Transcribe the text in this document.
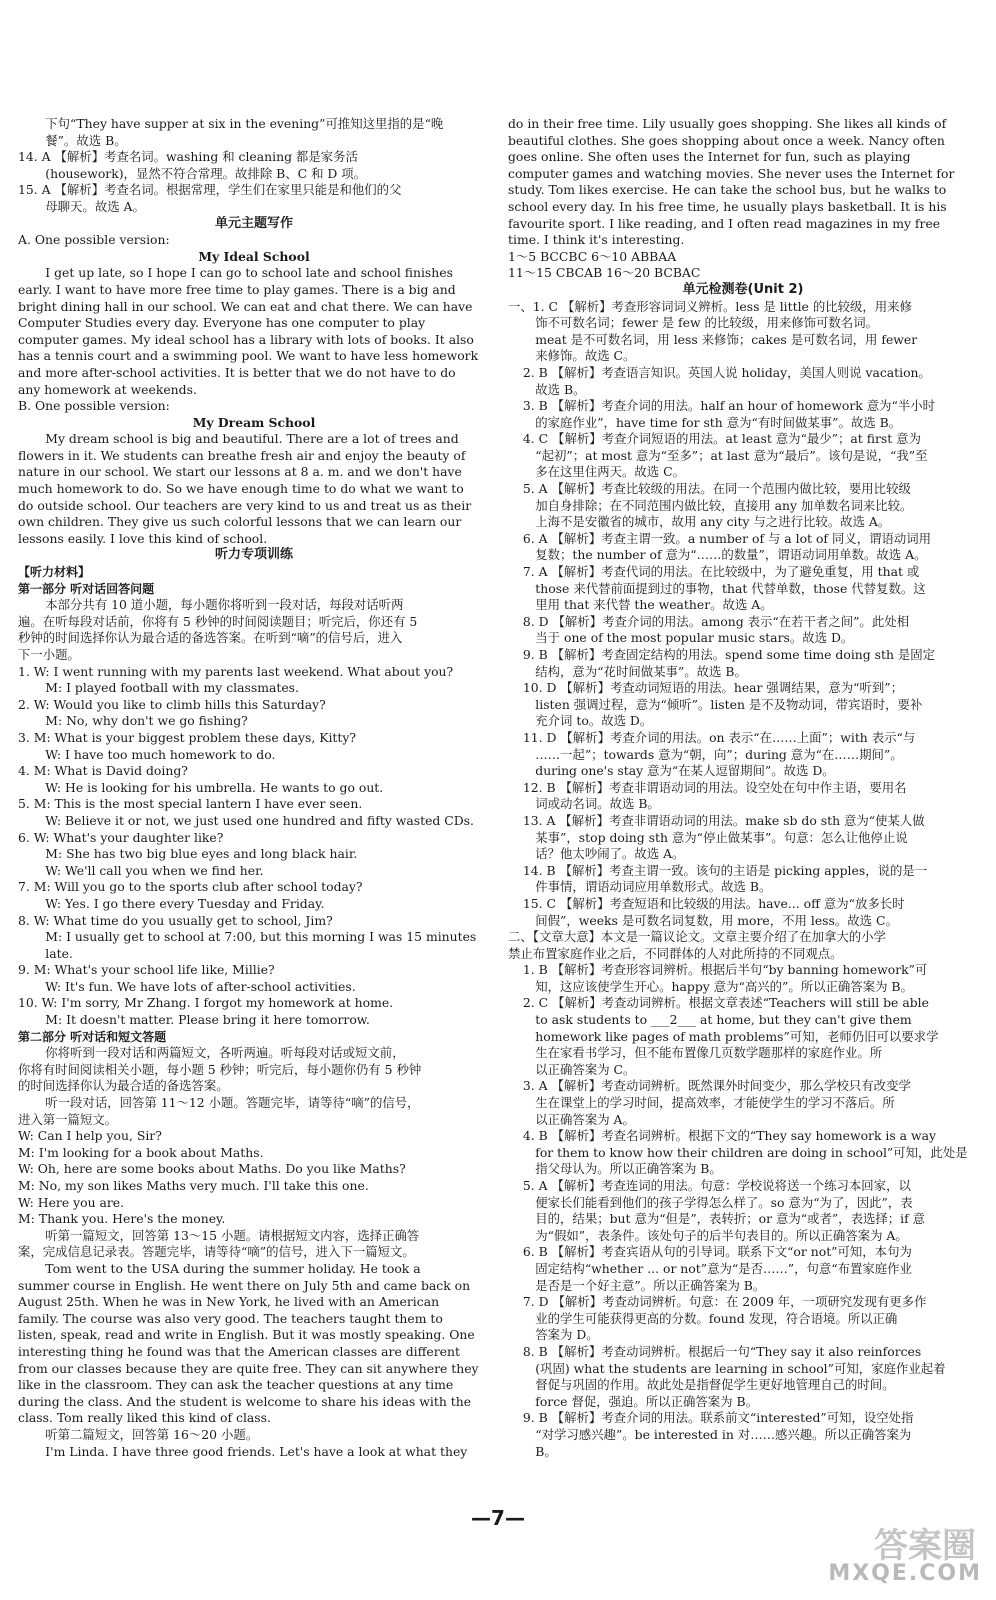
下句“They have supper at six in the evening”可推知这里指的是“晚
餐”。故选 B。
14. A 【解析】考查名词。washing 和 cleaning 都是家务活
(housework)，显然不符合常理。故排除 B、C 和 D 项。
15. A 【解析】考查名词。根据常理，学生们在家里只能是和他们的父
母聊天。故选 A。
单元主题写作
A. One possible version:
My Ideal School
I get up late, so I hope I can go to school late and school finishes
early. I want to have more free time to play games. There is a big and
bright dining hall in our school. We can eat and chat there. We can have
Computer Studies every day. Everyone has one computer to play
computer games. My ideal school has a library with lots of books. It also
has a tennis court and a swimming pool. We want to have less homework
and more after-school activities. It is better that we do not have to do
any homework at weekends.
B. One possible version:
My Dream School
My dream school is big and beautiful. There are a lot of trees and
flowers in it. We students can breathe fresh air and enjoy the beauty of
nature in our school. We start our lessons at 8 a. m. and we don't have
much homework to do. So we have enough time to do what we want to
do outside school. Our teachers are very kind to us and treat us as their
own children. They give us such colorful lessons that we can learn our
lessons easily. I love this kind of school.
听力专项训练
【听力材料】
第一部分 听对话回答问题
本部分共有 10 道小题，每小题你将听到一段对话，每段对话听两
遍。在听每段对话前，你将有 5 秒钟的时间阅读题目；听完后，你还有 5
秒钟的时间选择你认为最合适的备选答案。在听到“嘀”的信号后，进入
下一小题。
1. W: I went running with my parents last weekend. What about you?
M: I played football with my classmates.
2. W: Would you like to climb hills this Saturday?
M: No, why don't we go fishing?
3. M: What is your biggest problem these days, Kitty?
W: I have too much homework to do.
4. M: What is David doing?
W: He is looking for his umbrella. He wants to go out.
5. M: This is the most special lantern I have ever seen.
W: Believe it or not, we just used one hundred and fifty wasted CDs.
6. W: What's your daughter like?
M: She has two big blue eyes and long black hair.
W: We'll call you when we find her.
7. M: Will you go to the sports club after school today?
W: Yes. I go there every Tuesday and Friday.
8. W: What time do you usually get to school, Jim?
M: I usually get to school at 7:00, but this morning I was 15 minutes
late.
9. M: What's your school life like, Millie?
W: It's fun. We have lots of after-school activities.
10. W: I'm sorry, Mr Zhang. I forgot my homework at home.
M: It doesn't matter. Please bring it here tomorrow.
第二部分 听对话和短文答题
你将听到一段对话和两篇短文，各听两遍。听每段对话或短文前，
你将有时间阅读相关小题，每小题 5 秒钟；听完后，每小题你仍有 5 秒钟
的时间选择你认为最合适的备选答案。
听一段对话，回答第 11～12 小题。答题完毕，请等待“嘀”的信号，
进入第一篇短文。
W: Can I help you, Sir?
M: I'm looking for a book about Maths.
W: Oh, here are some books about Maths. Do you like Maths?
M: No, my son likes Maths very much. I'll take this one.
W: Here you are.
M: Thank you. Here's the money.
听第一篇短文，回答第 13～15 小题。请根据短文内容，选择正确答
案，完成信息记录表。答题完毕，请等待“嘀”的信号，进入下一篇短文。
Tom went to the USA during the summer holiday. He took a
summer course in English. He went there on July 5th and came back on
August 25th. When he was in New York, he lived with an American
family. The course was also very good. The teachers taught them to
listen, speak, read and write in English. But it was mostly speaking. One
interesting thing he found was that the American classes are different
from our classes because they are quite free. They can sit anywhere they
like in the classroom. They can ask the teacher questions at any time
during the class. And the student is welcome to share his ideas with the
class. Tom really liked this kind of class.
听第二篇短文，回答第 16～20 小题。
I'm Linda. I have three good friends. Let's have a look at what they
do in their free time. Lily usually goes shopping. She likes all kinds of
beautiful clothes. She goes shopping about once a week. Nancy often
goes online. She often uses the Internet for fun, such as playing
computer games and watching movies. She never uses the Internet for
study. Tom likes exercise. He can take the school bus, but he walks to
school every day. In his free time, he usually plays basketball. It is his
favourite sport. I like reading, and I often read magazines in my free
time. I think it's interesting.
1～5 BCCBC 6～10 ABBAA
11～15 CBCAB 16～20 BCBAC
单元检测卷(Unit 2)
一、1. C 【解析】考查形容词词义辨析。less 是 little 的比较级，用来修
饰不可数名词；fewer 是 few 的比较级，用来修饰可数名词。
meat 是不可数名词，用 less 来修饰；cakes 是可数名词，用 fewer
来修饰。故选 C。
2. B 【解析】考查语言知识。英国人说 holiday，美国人则说 vacation。
故选 B。
3. B 【解析】考查介词的用法。half an hour of homework 意为“半小时
的家庭作业”，have time for sth 意为“有时间做某事”。故选 B。
4. C 【解析】考查介词短语的用法。at least 意为“最少”；at first 意为
“起初”；at most 意为“至多”；at last 意为“最后”。该句是说，“我”至
多在这里住两天。故选 C。
5. A 【解析】考查比较级的用法。在同一个范围内做比较，要用比较级
加自身排除；在不同范围内做比较，直接用 any 加单数名词来比较。
上海不是安徽省的城市，故用 any city 与之进行比较。故选 A。
6. A 【解析】考查主谓一致。a number of 与 a lot of 同义，谓语动词用
复数；the number of 意为“……的数量”，谓语动词用单数。故选 A。
7. A 【解析】考查代词的用法。在比较级中，为了避免重复，用 that 或
those 来代替前面提到过的事物，that 代替单数，those 代替复数。这
里用 that 来代替 the weather。故选 A。
8. D 【解析】考查介词的用法。among 表示“在若干者之间”。此处相
当于 one of the most popular music stars。故选 D。
9. B 【解析】考查固定结构的用法。spend some time doing sth 是固定
结构，意为“花时间做某事”。故选 B。
10. D 【解析】考查动词短语的用法。hear 强调结果，意为“听到”；
listen 强调过程，意为“倾听”。listen 是不及物动词，带宾语时，要补
充介词 to。故选 D。
11. D 【解析】考查介词的用法。on 表示“在……上面”；with 表示“与
……一起”；towards 意为“朝，向”；during 意为“在……期间”。
during one's stay 意为“在某人逗留期间”。故选 D。
12. B 【解析】考查非谓语动词的用法。设空处在句中作主语，要用名
词或动名词。故选 B。
13. A 【解析】考查非谓语动词的用法。make sb do sth 意为“使某人做
某事”，stop doing sth 意为“停止做某事”。句意：怎么让他停止说
话？他太吵闹了。故选 A。
14. B 【解析】考查主谓一致。该句的主语是 picking apples，说的是一
件事情，谓语动词应用单数形式。故选 B。
15. C 【解析】考查短语和比较级的用法。have... off 意为“放多长时
间假”，weeks 是可数名词复数，用 more，不用 less。故选 C。
二、【文章大意】本文是一篇议论文。文章主要介绍了在加拿大的小学
禁止布置家庭作业之后，不同群体的人对此所持的不同观点。
1. B 【解析】考查形容词辨析。根据后半句“by banning homework”可
知，这应该使学生开心。happy 意为“高兴的”。所以正确答案为 B。
2. C 【解析】考查动词辨析。根据文章表述“Teachers will still be able
to ask students to ___2___ at home, but they can't give them
homework like pages of math problems”可知，老师仍旧可以要求学
生在家看书学习，但不能布置像几页数学题那样的家庭作业。所
以正确答案为 C。
3. A 【解析】考查动词辨析。既然课外时间变少，那么学校只有改变学
生在课堂上的学习时间，提高效率，才能使学生的学习不落后。所
以正确答案为 A。
4. B 【解析】考查名词辨析。根据下文的“They say homework is a way
for them to know how their children are doing in school”可知，此处是
指父母认为。所以正确答案为 B。
5. A 【解析】考查连词的用法。句意：学校说将送一个练习本回家，以
便家长们能看到他们的孩子学得怎么样了。so 意为“为了，因此”，表
目的，结果；but 意为“但是”，表转折；or 意为“或者”，表选择；if 意
为“假如”，表条件。该处句子的后半句表目的。所以正确答案为 A。
6. B 【解析】考查宾语从句的引导词。联系下文“or not”可知，本句为
固定结构“whether ... or not”意为“是否……”，句意“布置家庭作业
是否是一个好主意”。所以正确答案为 B。
7. D 【解析】考查动词辨析。句意：在 2009 年，一项研究发现有更多作
业的学生可能获得更高的分数。found 发现，符合语境。所以正确
答案为 D。
8. B 【解析】考查动词辨析。根据后一句“They say it also reinforces
(巩固) what the students are learning in school”可知，家庭作业起着
督促与巩固的作用。故此处是指督促学生更好地管理自己的时间。
force 督促，强迫。所以正确答案为 B。
9. B 【解析】考查介词的用法。联系前文“interested”可知，设空处指
“对学习感兴趣”。be interested in 对……感兴趣。所以正确答案为
B。
—7—
答案圈
MXQE.COM
